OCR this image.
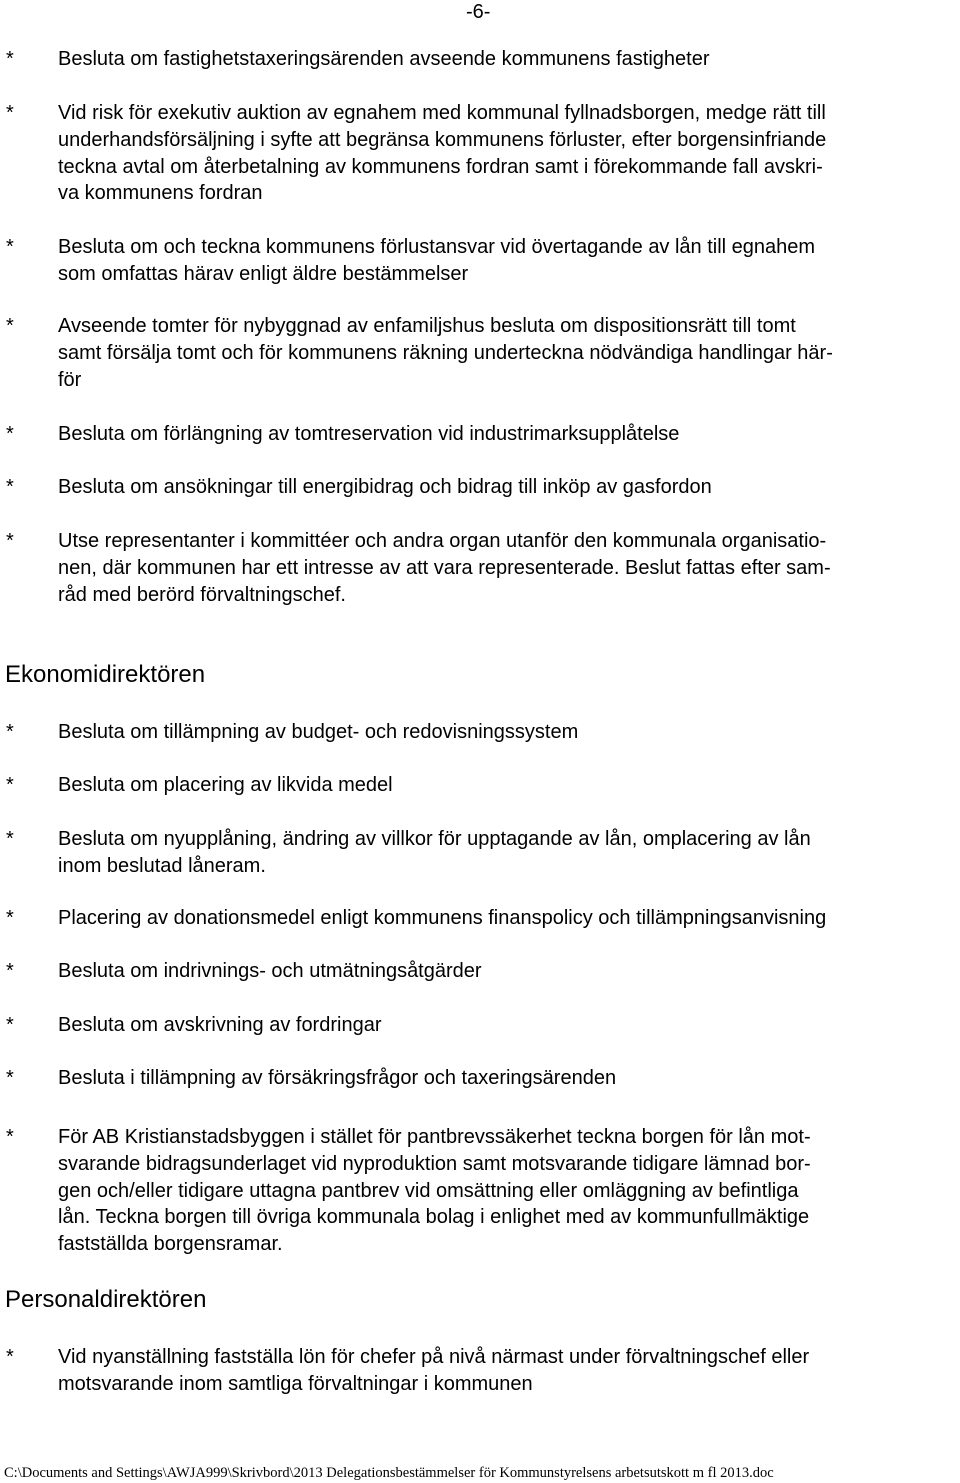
-6-
* Besluta om fastighetstaxeringsärenden avseende kommunens fastigheter
* Vid risk för exekutiv auktion av egnahem med kommunal fyllnadsborgen, medge rätt till
underhandsförsäljning i syfte att begränsa kommunens förluster, efter borgensinfriande
teckna avtal om återbetalning av kommunens fordran samt i förekommande fall avskri-
va kommunens fordran
* Besluta om och teckna kommunens förlustansvar vid övertagande av lån till egnahem
som omfattas härav enligt äldre bestämmelser
* Avseende tomter för nybyggnad av enfamiljshus besluta om dispositionsrätt till tomt
samt försälja tomt och för kommunens räkning underteckna nödvändiga handlingar här-
för
* Besluta om förlängning av tomtreservation vid industrimarksupplåtelse
* Besluta om ansökningar till energibidrag och bidrag till inköp av gasfordon
* Utse representanter i kommittéer och andra organ utanför den kommunala organisatio-
nen, där kommunen har ett intresse av att vara representerade. Beslut fattas efter sam-
råd med berörd förvaltningschef.
Ekonomidirektören
* Besluta om tillämpning av budget- och redovisningssystem
* Besluta om placering av likvida medel
* Besluta om nyupplåning, ändring av villkor för upptagande av lån, omplacering av lån
inom beslutad låneram.
* Placering av donationsmedel enligt kommunens finanspolicy och tillämpningsanvisning
* Besluta om indrivnings- och utmätningsåtgärder
* Besluta om avskrivning av fordringar
* Besluta i tillämpning av försäkringsfrågor och taxeringsärenden
* För AB Kristianstadsbyggen i stället för pantbrevssäkerhet teckna borgen för lån mot-
svarande bidragsunderlaget vid nyproduktion samt motsvarande tidigare lämnad bor-
gen och/eller tidigare uttagna pantbrev vid omsättning eller omläggning av befintliga
lån. Teckna borgen till övriga kommunala bolag i enlighet med av kommunfullmäktige
fastställda borgensramar.
Personaldirektören
* Vid nyanställning fastställa lön för chefer på nivå närmast under förvaltningschef eller
motsvarande inom samtliga förvaltningar i kommunen
C:\Documents and Settings\AWJA999\Skrivbord\2013 Delegationsbestämmelser för Kommunstyrelsens arbetsutskott m fl 2013.doc
